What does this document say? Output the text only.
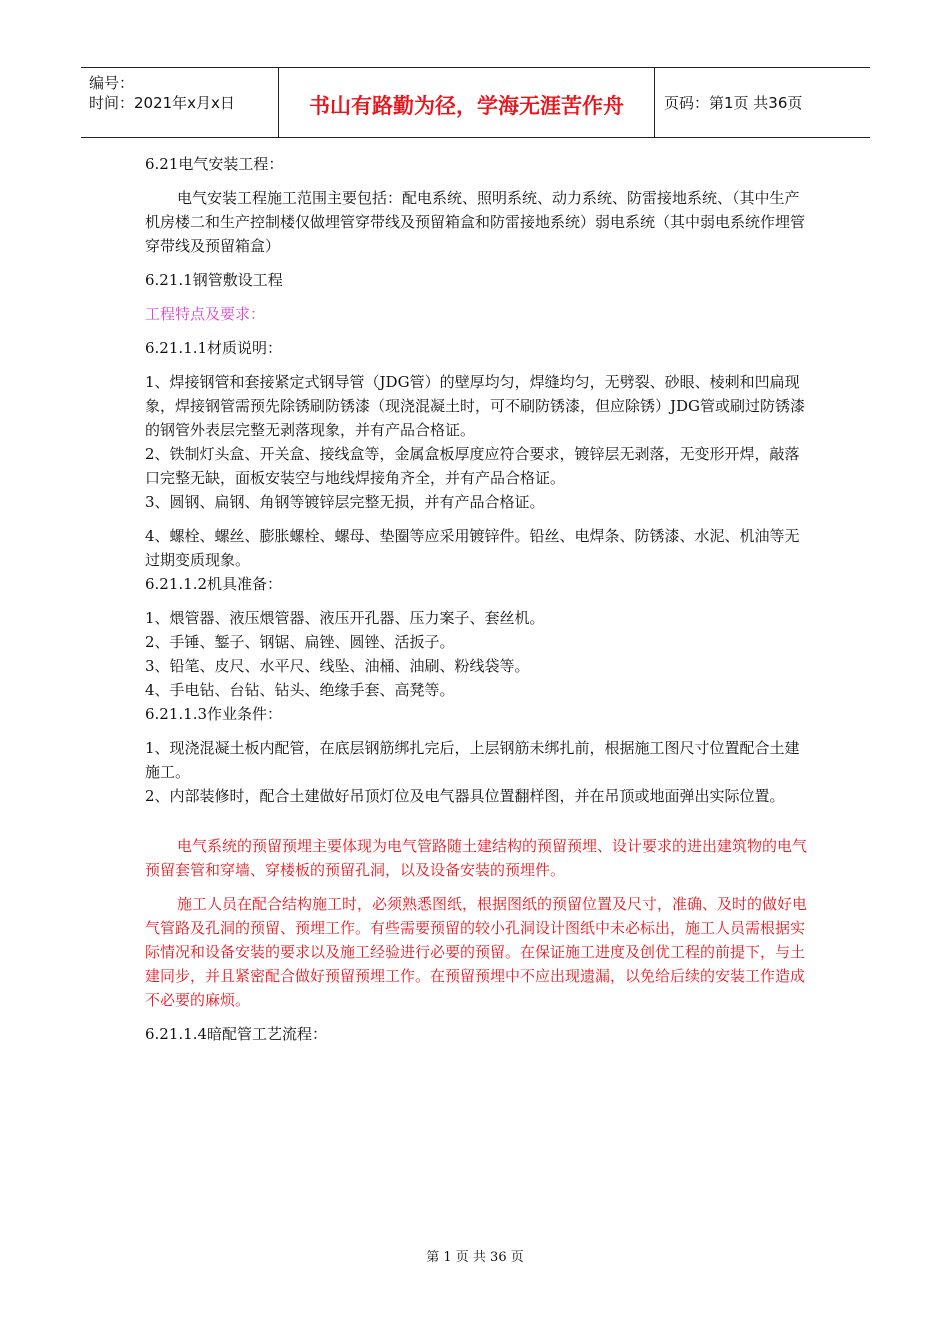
编号：
时间：2021年x月x日	书山有路勤为径，学海无涯苦作舟	页码：第1页 共36页

6.21电气安装工程：

电气安装工程施工范围主要包括：配电系统、照明系统、动力系统、防雷接地系统、（其中生产机房楼二和生产控制楼仅做埋管穿带线及预留箱盒和防雷接地系统）弱电系统（其中弱电系统作埋管穿带线及预留箱盒）

6.21.1钢管敷设工程

工程特点及要求：

6.21.1.1材质说明：

1、焊接钢管和套接紧定式钢导管（JDG管）的壁厚均匀，焊缝均匀，无劈裂、砂眼、棱刺和凹扁现象，焊接钢管需预先除锈刷防锈漆（现浇混凝土时，可不刷防锈漆，但应除锈）JDG管或刷过防锈漆的钢管外表层完整无剥落现象，并有产品合格证。

2、铁制灯头盒、开关盒、接线盒等，金属盒板厚度应符合要求，镀锌层无剥落，无变形开焊，敲落口完整无缺，面板安装空与地线焊接角齐全，并有产品合格证。

3、圆钢、扁钢、角钢等镀锌层完整无损，并有产品合格证。

4、螺栓、螺丝、膨胀螺栓、螺母、垫圈等应采用镀锌件。铅丝、电焊条、防锈漆、水泥、机油等无过期变质现象。

6.21.1.2机具准备：

1、煨管器、液压煨管器、液压开孔器、压力案子、套丝机。

2、手锤、錾子、钢锯、扁锉、圆锉、活扳子。

3、铅笔、皮尺、水平尺、线坠、油桶、油刷、粉线袋等。

4、手电钻、台钻、钻头、绝缘手套、高凳等。

6.21.1.3作业条件：

1、现浇混凝土板内配管，在底层钢筋绑扎完后，上层钢筋未绑扎前，根据施工图尺寸位置配合土建施工。

2、内部装修时，配合土建做好吊顶灯位及电气器具位置翻样图，并在吊顶或地面弹出实际位置。

电气系统的预留预埋主要体现为电气管路随土建结构的预留预埋、设计要求的进出建筑物的电气预留套管和穿墙、穿楼板的预留孔洞，以及设备安装的预埋件。

施工人员在配合结构施工时，必须熟悉图纸，根据图纸的预留位置及尺寸，准确、及时的做好电气管路及孔洞的预留、预埋工作。有些需要预留的较小孔洞设计图纸中未必标出，施工人员需根据实际情况和设备安装的要求以及施工经验进行必要的预留。在保证施工进度及创优工程的前提下，与土建同步，并且紧密配合做好预留预埋工作。在预留预埋中不应出现遗漏，以免给后续的安装工作造成不必要的麻烦。

6.21.1.4暗配管工艺流程：

第 1 页 共 36 页
